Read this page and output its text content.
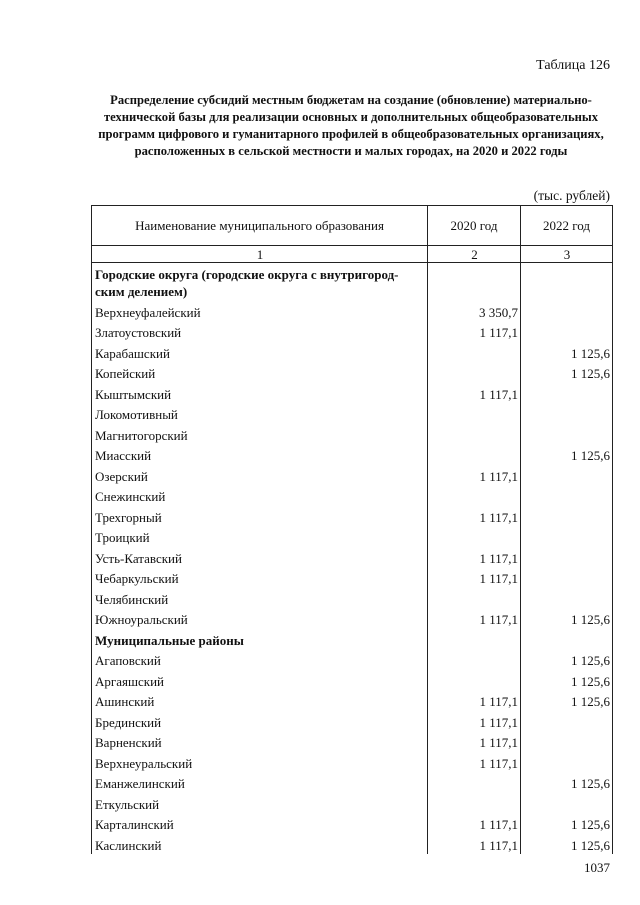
Таблица 126
Распределение субсидий местным бюджетам на создание (обновление) материально-технической базы для реализации основных и дополнительных общеобразовательных программ цифрового и гуманитарного профилей в общеобразовательных организациях, расположенных в сельской местности и малых городах, на 2020 и 2022 годы
(тыс. рублей)
Наименование муниципального образования	2020 год	2022 год
1	2	3
Городские округа (городские округа с внутригород-ским делением)		
Верхнеуфалейский	3 350,7	
Златоустовский	1 117,1	
Карабашский		1 125,6
Копейский		1 125,6
Кыштымский	1 117,1	
Локомотивный		
Магнитогорский		
Миасский		1 125,6
Озерский	1 117,1	
Снежинский		
Трехгорный	1 117,1	
Троицкий		
Усть-Катавский	1 117,1	
Чебаркульский	1 117,1	
Челябинский		
Южноуральский	1 117,1	1 125,6
Муниципальные районы		
Агаповский		1 125,6
Аргаяшский		1 125,6
Ашинский	1 117,1	1 125,6
Брединский	1 117,1	
Варненский	1 117,1	
Верхнеуральский	1 117,1	
Еманжелинский		1 125,6
Еткульский		
Карталинский	1 117,1	1 125,6
Каслинский	1 117,1	1 125,6
1037
